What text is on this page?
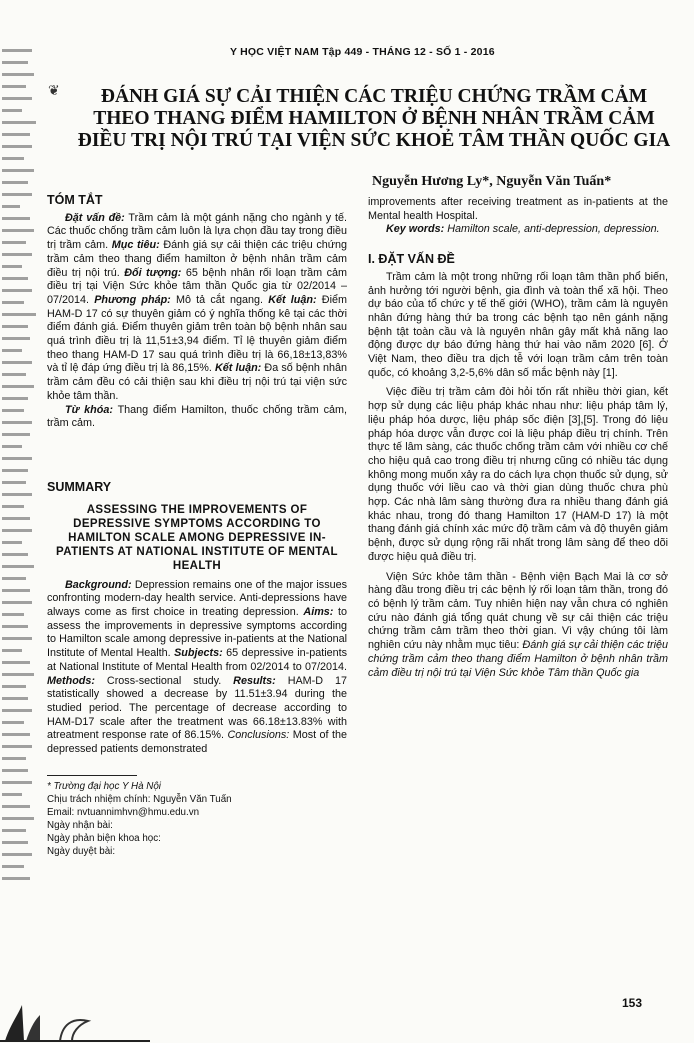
Y HỌC VIỆT NAM Tập 449 - THÁNG 12 - SỐ 1 - 2016
❦	ĐÁNH GIÁ SỰ CẢI THIỆN CÁC TRIỆU CHỨNG TRẦM CẢM
THEO THANG ĐIỂM HAMILTON Ở BỆNH NHÂN TRẦM CẢM
ĐIỀU TRỊ NỘI TRÚ TẠI VIỆN SỨC KHOẺ TÂM THẦN QUỐC GIA
Nguyễn Hương Ly*, Nguyễn Văn Tuấn*
TÓM TẮT

Đặt vấn đề: Trầm cảm là một gánh nặng cho ngành y tế. Các thuốc chống trầm cảm luôn là lựa chọn đầu tay trong điều trị trầm cảm. Mục tiêu: Đánh giá sự cải thiện các triệu chứng trầm cảm theo thang điểm hamilton ở bệnh nhân trầm cảm điều trị nội trú. Đối tượng: 65 bệnh nhân rối loạn trầm cảm điều trị tại Viện Sức khỏe tâm thần Quốc gia từ 02/2014 – 07/2014. Phương pháp: Mô tả cắt ngang. Kết luận: Điểm HAM-D 17 có sự thuyên giảm có ý nghĩa thống kê tại các thời điểm đánh giá. Điểm thuyên giảm trên toàn bộ bệnh nhân sau quá trình điều trị là 11,51±3,94 điểm. Tỉ lệ thuyên giảm điểm theo thang HAM-D 17 sau quá trình điều trị là 66,18±13,83% và tỉ lệ đáp ứng điều trị là 86,15%. Kết luận: Đa số bệnh nhân trầm cảm đều có cải thiện sau khi điều trị nội trú tại viện sức khỏe tâm thần.

Từ khóa: Thang điểm Hamilton, thuốc chống trầm cảm, trầm cảm.

SUMMARY
ASSESSING THE IMPROVEMENTS OF DEPRESSIVE SYMPTOMS ACCORDING TO HAMILTON SCALE AMONG DEPRESSIVE IN-PATIENTS AT NATIONAL INSTITUTE OF MENTAL HEALTH

Background: Depression remains one of the major issues confronting modern-day health service. Anti-depressions have always come as first choice in treating depression. Aims: to assess the improvements in depressive symptoms according to Hamilton scale among depressive in-patients at the National Institute of Mental Health. Subjects: 65 depressive in-patients at National Institute of Mental Health from 02/2014 to 07/2014. Methods: Cross-sectional study. Results: HAM-D 17 statistically showed a decrease by 11.51±3.94 during the studied period. The percentage of decrease according to HAM-D17 scale after the treatment was 66.18±13.83% with atreatment response rate of 86.15%. Conclusions: Most of the depressed patients demonstrated

* Trường đại học Y Hà Nội
Chịu trách nhiệm chính: Nguyễn Văn Tuấn
Email: nvtuannimhvn@hmu.edu.vn
Ngày nhận bài:
Ngày phản biện khoa học:
Ngày duyệt bài:

improvements after receiving treatment as in-patients at the Mental health Hospital.

Key words: Hamilton scale, anti-depression, depression.

I. ĐẶT VẤN ĐỀ

Trầm cảm là một trong những rối loạn tâm thần phổ biến, ảnh hưởng tới người bệnh, gia đình và toàn thể xã hội. Theo dự báo của tổ chức y tế thế giới (WHO), trầm cảm là nguyên nhân đứng hàng thứ ba trong các bệnh tạo nên gánh nặng bệnh tật toàn cầu và là nguyên nhân gây mất khả năng lao động được dự báo đứng hàng thứ hai vào năm 2020 [6]. Ở Việt Nam, theo điều tra dịch tễ với loạn trầm cảm trên toàn quốc, có khoảng 3,2-5,6% dân số mắc bệnh này [1].

Việc điều trị trầm cảm đòi hỏi tốn rất nhiều thời gian, kết hợp sử dụng các liệu pháp khác nhau như: liệu pháp tâm lý, liệu pháp hóa dược, liệu pháp sốc điện [3],[5]. Trong đó liệu pháp hóa dược vẫn được coi là liệu pháp điều trị chính. Trên thực tế lâm sàng, các thuốc chống trầm cảm với nhiều cơ chế cho hiệu quả cao trong điều trị nhưng cũng có nhiều tác dụng không mong muốn xảy ra do cách lựa chọn thuốc sử dụng, sử dụng thuốc với liều cao và thời gian dùng thuốc chưa phù hợp. Các nhà lâm sàng thường đưa ra nhiều thang đánh giá khác nhau, trong đó thang Hamilton 17 (HAM-D 17) là một thang đánh giá chính xác mức độ trầm cảm và độ thuyên giảm bệnh, được sử dụng rộng rãi nhất trong lâm sàng để theo dõi được hiệu quả điều trị.

Viện Sức khỏe tâm thần - Bệnh viện Bạch Mai là cơ sở hàng đầu trong điều trị các bệnh lý rối loạn tâm thần, trong đó có bệnh lý trầm cảm. Tuy nhiên hiện nay vẫn chưa có nghiên cứu nào đánh giá tổng quát chung về sự cải thiện các triệu chứng trầm cảm trầm theo thời gian. Vì vậy chúng tôi làm nghiên cứu này nhằm mục tiêu: Đánh giá sự cải thiện các triệu chứng trầm cảm theo thang điểm Hamilton ở bệnh nhân trầm cảm điều trị nội trú tại Viện Sức khỏe Tâm thần Quốc gia

153
